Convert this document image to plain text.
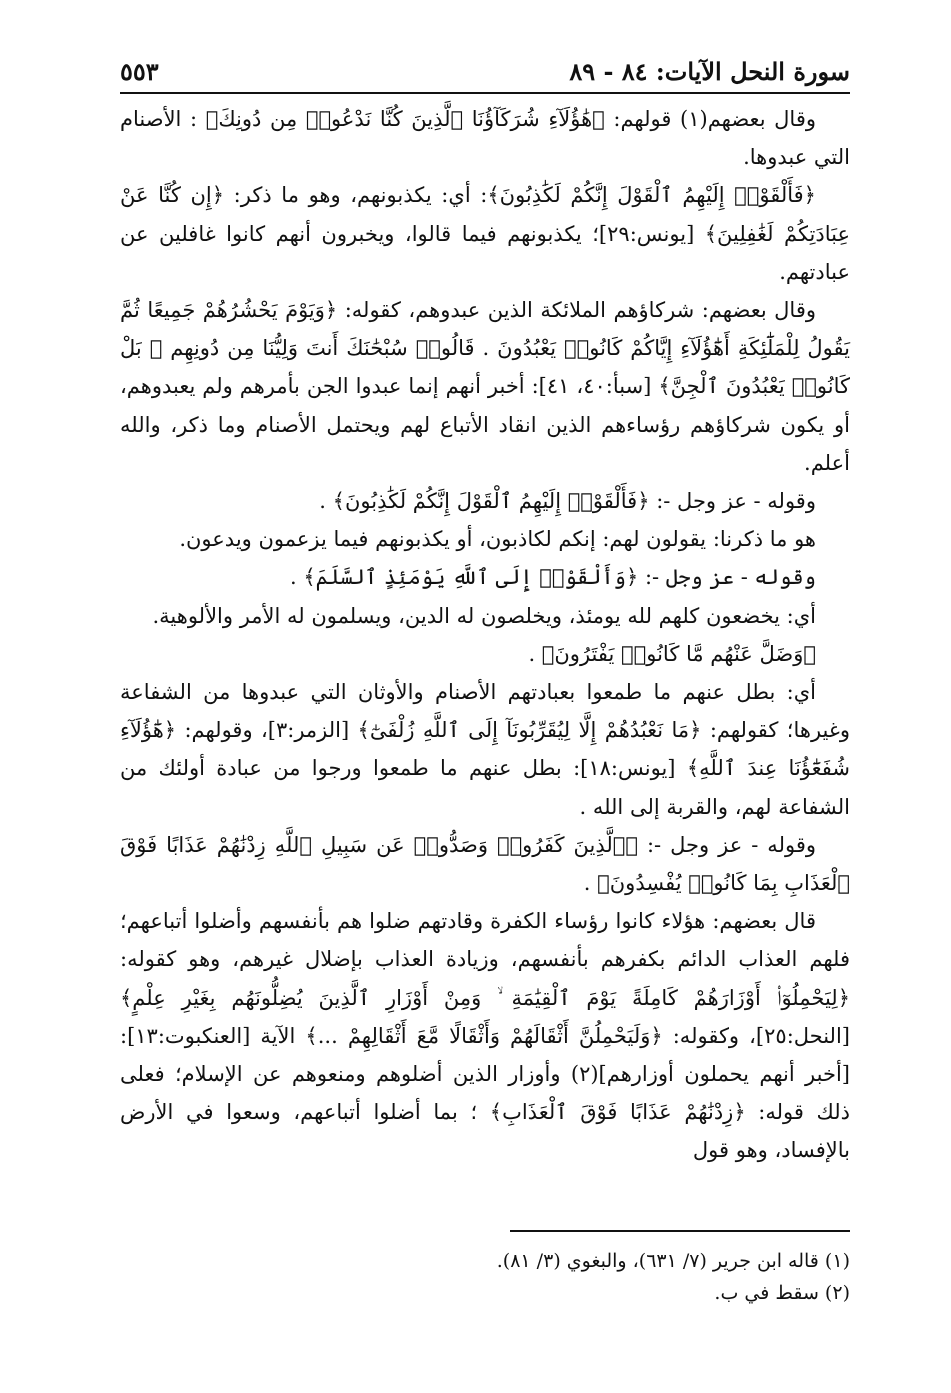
سورة النحل الآيات: ٨٤ - ٨٩
٥٥٣

وقال بعضهم(١) قولهم: ﴿هَٰؤُلَآءِ شُرَكَآؤُنَا ٱلَّذِينَ كُنَّا نَدْعُوا۟ مِن دُونِكَ﴾ : الأصنام التي عبدوها.

﴿فَأَلْقَوْا۟ إِلَيْهِمُ ٱلْقَوْلَ إِنَّكُمْ لَكَٰذِبُونَ﴾: أي: يكذبونهم، وهو ما ذكر: ﴿إِن كُنَّا عَنْ عِبَادَتِكُمْ لَغَٰفِلِينَ﴾ [يونس:٢٩]؛ يكذبونهم فيما قالوا، ويخبرون أنهم كانوا غافلين عن عبادتهم.

وقال بعضهم: شركاؤهم الملائكة الذين عبدوهم، كقوله: ﴿وَيَوْمَ يَحْشُرُهُمْ جَمِيعًا ثُمَّ يَقُولُ لِلْمَلَٰٓئِكَةِ أَهَٰٓؤُلَآءِ إِيَّاكُمْ كَانُوا۟ يَعْبُدُونَ . قَالُوا۟ سُبْحَٰنَكَ أَنتَ وَلِيُّنَا مِن دُونِهِم ۖ بَلْ كَانُوا۟ يَعْبُدُونَ ٱلْجِنَّ﴾ [سبأ:٤٠، ٤١]: أخبر أنهم إنما عبدوا الجن بأمرهم ولم يعبدوهم، أو يكون شركاؤهم رؤساءهم الذين انقاد الأتباع لهم ويحتمل الأصنام وما ذكر، والله أعلم.

وقوله - عز وجل -: ﴿فَأَلْقَوْا۟ إِلَيْهِمُ ٱلْقَوْلَ إِنَّكُمْ لَكَٰذِبُونَ﴾ .

هو ما ذكرنا: يقولون لهم: إنكم لكاذبون، أو يكذبونهم فيما يزعمون ويدعون.

وقوله - عز وجل -: ﴿وَأَلْقَوْا۟ إِلَى ٱللَّهِ يَوْمَئِذٍ ٱلسَّلَمَ﴾ .

أي: يخضعون كلهم لله يومئذ، ويخلصون له الدين، ويسلمون له الأمر والألوهية.

﴿وَضَلَّ عَنْهُم مَّا كَانُوا۟ يَفْتَرُونَ﴾ .

أي: بطل عنهم ما طمعوا بعبادتهم الأصنام والأوثان التي عبدوها من الشفاعة وغيرها؛ كقولهم: ﴿مَا نَعْبُدُهُمْ إِلَّا لِيُقَرِّبُونَآ إِلَى ٱللَّهِ زُلْفَىٰٓ﴾ [الزمر:٣]، وقولهم: ﴿هَٰٓؤُلَآءِ شُفَعَٰٓؤُنَا عِندَ ٱللَّهِ﴾ [يونس:١٨]: بطل عنهم ما طمعوا ورجوا من عبادة أولئك من الشفاعة لهم، والقربة إلى الله .

وقوله - عز وجل -: ﴿ٱلَّذِينَ كَفَرُوا۟ وَصَدُّوا۟ عَن سَبِيلِ ٱللَّهِ زِدْنَٰهُمْ عَذَابًا فَوْقَ ٱلْعَذَابِ بِمَا كَانُوا۟ يُفْسِدُونَ﴾ .

قال بعضهم: هؤلاء كانوا رؤساء الكفرة وقادتهم ضلوا هم بأنفسهم وأضلوا أتباعهم؛ فلهم العذاب الدائم بكفرهم بأنفسهم، وزيادة العذاب بإضلال غيرهم، وهو كقوله: ﴿لِيَحْمِلُوٓا۟ أَوْزَارَهُمْ كَامِلَةً يَوْمَ ٱلْقِيَٰمَةِ ۙ وَمِنْ أَوْزَارِ ٱلَّذِينَ يُضِلُّونَهُم بِغَيْرِ عِلْمٍ﴾ [النحل:٢٥]، وكقوله: ﴿وَلَيَحْمِلُنَّ أَثْقَالَهُمْ وَأَثْقَالًا مَّعَ أَثْقَالِهِمْ ...﴾ الآية [العنكبوت:١٣]: [أخبر أنهم يحملون أوزارهم](٢) وأوزار الذين أضلوهم ومنعوهم عن الإسلام؛ فعلى ذلك قوله: ﴿زِدْنَٰهُمْ عَذَابًا فَوْقَ ٱلْعَذَابِ﴾ ؛ بما أضلوا أتباعهم، وسعوا في الأرض بالإفساد، وهو قول

(١) قاله ابن جرير (٧/ ٦٣١)، والبغوي (٣/ ٨١).
(٢) سقط في ب.
